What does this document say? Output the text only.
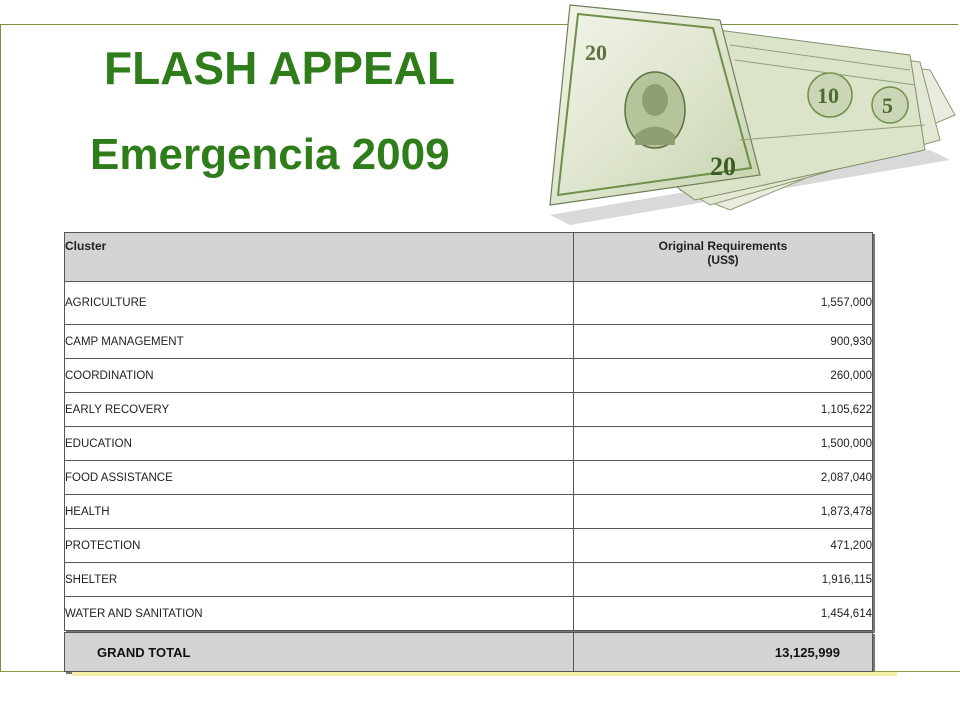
FLASH APPEAL
Emergencia 2009
20
20
10 5
Cluster	Original Requirements
(US$)
AGRICULTURE	1,557,000
CAMP MANAGEMENT	900,930
COORDINATION	260,000
EARLY RECOVERY	1,105,622
EDUCATION	1,500,000
FOOD ASSISTANCE	2,087,040
HEALTH	1,873,478
PROTECTION	471,200
SHELTER	1,916,115
WATER AND SANITATION	1,454,614
GRAND TOTAL	13,125,999
